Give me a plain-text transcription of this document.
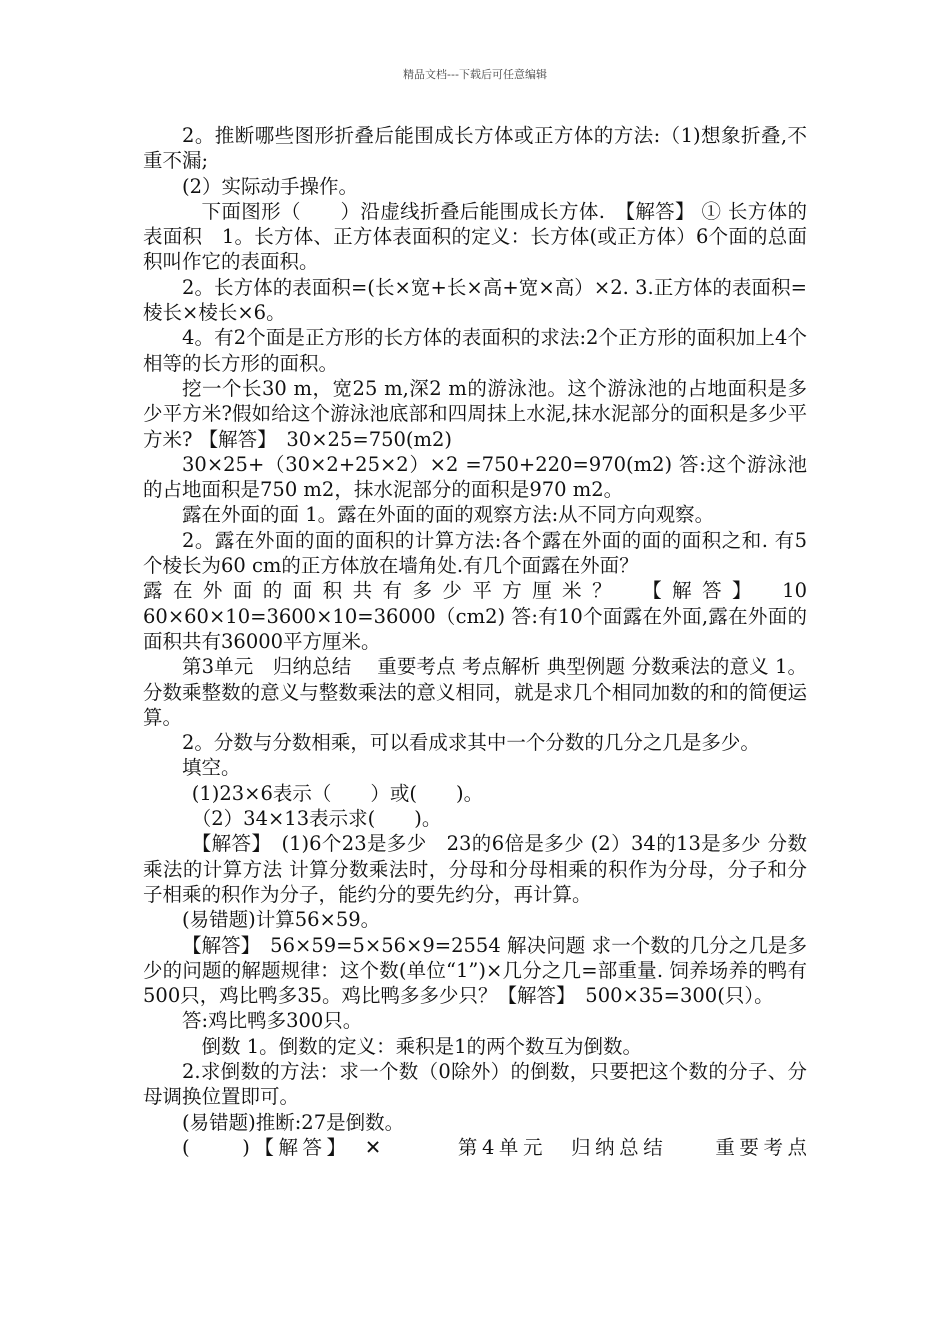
精品文档---下载后可任意编辑

2。推断哪些图形折叠后能围成长方体或正方体的方法:（1)想象折叠,不重不漏;

(2）实际动手操作。

下面图形（　　）沿虚线折叠后能围成长方体.　【解答】 ① 长方体的表面积　1。长方体、正方体表面积的定义：长方体(或正方体）6个面的总面积叫作它的表面积。

2。长方体的表面积=(长×宽+长×高+宽×高）×2. 3.正方体的表面积=棱长×棱长×6。

4。有2个面是正方形的长方体的表面积的求法:2个正方形的面积加上4个相等的长方形的面积。

挖一个长30 m，宽25 m,深2 m的游泳池。这个游泳池的占地面积是多少平方米?假如给这个游泳池底部和四周抹上水泥,抹水泥部分的面积是多少平方米? 【解答】　30×25=750(m2)

30×25+（30×2+25×2）×2 =750+220=970(m2) 答:这个游泳池的占地面积是750 m2，抹水泥部分的面积是970 m2。

露在外面的面 1。露在外面的面的观察方法:从不同方向观察。

2。露在外面的面的面积的计算方法:各个露在外面的面的面积之和. 有5个棱长为60 cm的正方体放在墙角处.有几个面露在外面？

露在外面的面积共有多少平方厘米？　【解答】　10

60×60×10=3600×10=36000（cm2) 答:有10个面露在外面,露在外面的面积共有36000平方厘米。

第3单元　归纳总结　 重要考点 考点解析 典型例题 分数乘法的意义 1。分数乘整数的意义与整数乘法的意义相同，就是求几个相同加数的和的简便运算。

2。分数与分数相乘，可以看成求其中一个分数的几分之几是多少。

填空。

(1)23×6表示（　　）或(　　)。

（2）34×13表示求(　　)。

【解答】　(1)6个23是多少　23的6倍是多少 (2）34的13是多少 分数乘法的计算方法 计算分数乘法时，分母和分母相乘的积作为分母，分子和分子相乘的积作为分子，能约分的要先约分，再计算。

(易错题)计算56×59。

【解答】　56×59=5×56×9=2554 解决问题 求一个数的几分之几是多少的问题的解题规律：这个数(单位“1”)×几分之几=部重量. 饲养场养的鸭有500只，鸡比鸭多35。鸡比鸭多多少只？【解答】　500×35=300(只）。

答:鸡比鸭多300只。

倒数 1。倒数的定义：乘积是1的两个数互为倒数。

2.求倒数的方法：求一个数（0除外）的倒数，只要把这个数的分子、分母调换位置即可。

(易错题)推断:27是倒数。

(　　)【解答】　✕　　　第4单元　归纳总结　　重要考点
